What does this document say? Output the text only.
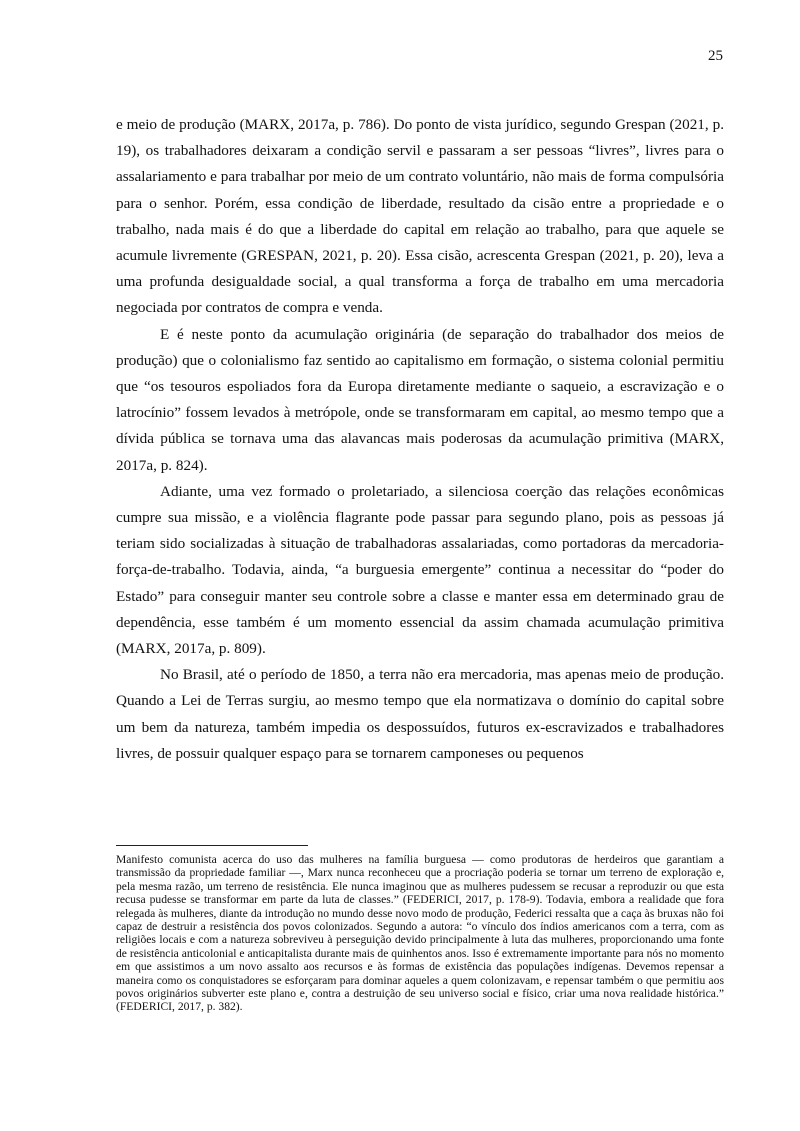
25

e meio de produção (MARX, 2017a, p. 786). Do ponto de vista jurídico, segundo Grespan (2021, p. 19), os trabalhadores deixaram a condição servil e passaram a ser pessoas “livres”, livres para o assalariamento e para trabalhar por meio de um contrato voluntário, não mais de forma compulsória para o senhor. Porém, essa condição de liberdade, resultado da cisão entre a propriedade e o trabalho, nada mais é do que a liberdade do capital em relação ao trabalho, para que aquele se acumule livremente (GRESPAN, 2021, p. 20). Essa cisão, acrescenta Grespan (2021, p. 20), leva a uma profunda desigualdade social, a qual transforma a força de trabalho em uma mercadoria negociada por contratos de compra e venda.

E é neste ponto da acumulação originária (de separação do trabalhador dos meios de produção) que o colonialismo faz sentido ao capitalismo em formação, o sistema colonial permitiu que “os tesouros espoliados fora da Europa diretamente mediante o saqueio, a escravização e o latrocínio” fossem levados à metrópole, onde se transformaram em capital, ao mesmo tempo que a dívida pública se tornava uma das alavancas mais poderosas da acumulação primitiva (MARX, 2017a, p. 824).

Adiante, uma vez formado o proletariado, a silenciosa coerção das relações econômicas cumpre sua missão, e a violência flagrante pode passar para segundo plano, pois as pessoas já teriam sido socializadas à situação de trabalhadoras assalariadas, como portadoras da mercadoria-força-de-trabalho. Todavia, ainda, “a burguesia emergente” continua a necessitar do “poder do Estado” para conseguir manter seu controle sobre a classe e manter essa em determinado grau de dependência, esse também é um momento essencial da assim chamada acumulação primitiva (MARX, 2017a, p. 809).

No Brasil, até o período de 1850, a terra não era mercadoria, mas apenas meio de produção. Quando a Lei de Terras surgiu, ao mesmo tempo que ela normatizava o domínio do capital sobre um bem da natureza, também impedia os despossuídos, futuros ex-escravizados e trabalhadores livres, de possuir qualquer espaço para se tornarem camponeses ou pequenos

Manifesto comunista acerca do uso das mulheres na família burguesa — como produtoras de herdeiros que garantiam a transmissão da propriedade familiar —, Marx nunca reconheceu que a procriação poderia se tornar um terreno de exploração e, pela mesma razão, um terreno de resistência. Ele nunca imaginou que as mulheres pudessem se recusar a reproduzir ou que esta recusa pudesse se transformar em parte da luta de classes.” (FEDERICI, 2017, p. 178-9). Todavia, embora a realidade que fora relegada às mulheres, diante da introdução no mundo desse novo modo de produção, Federici ressalta que a caça às bruxas não foi capaz de destruir a resistência dos povos colonizados. Segundo a autora: “o vínculo dos índios americanos com a terra, com as religiões locais e com a natureza sobreviveu à perseguição devido principalmente à luta das mulheres, proporcionando uma fonte de resistência anticolonial e anticapitalista durante mais de quinhentos anos. Isso é extremamente importante para nós no momento em que assistimos a um novo assalto aos recursos e às formas de existência das populações indígenas. Devemos repensar a maneira como os conquistadores se esforçaram para dominar aqueles a quem colonizavam, e repensar também o que permitiu aos povos originários subverter este plano e, contra a destruição de seu universo social e físico, criar uma nova realidade histórica.” (FEDERICI, 2017, p. 382).
